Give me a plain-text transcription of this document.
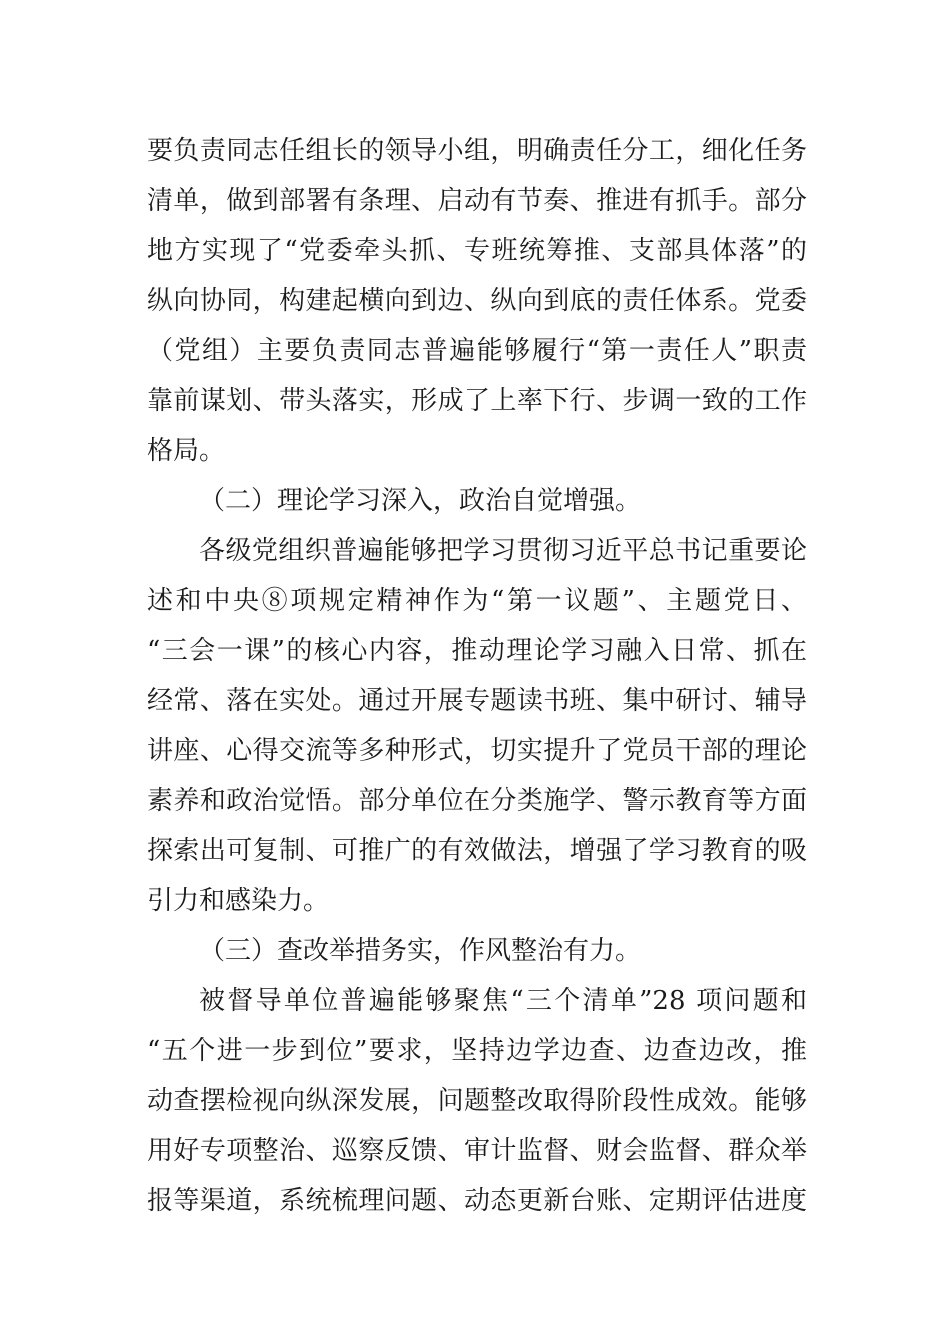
要负责同志任组长的领导小组，明确责任分工，细化任务
清单，做到部署有条理、启动有节奏、推进有抓手。部分
地方实现了“党委牵头抓、专班统筹推、支部具体落”的
纵向协同，构建起横向到边、纵向到底的责任体系。党委
（党组）主要负责同志普遍能够履行“第一责任人”职责
靠前谋划、带头落实，形成了上率下行、步调一致的工作
格局。
（二）理论学习深入，政治自觉增强。
各级党组织普遍能够把学习贯彻习近平总书记重要论
述和中央⑧项规定精神作为“第一议题”、主题党日、
“三会一课”的核心内容，推动理论学习融入日常、抓在
经常、落在实处。通过开展专题读书班、集中研讨、辅导
讲座、心得交流等多种形式，切实提升了党员干部的理论
素养和政治觉悟。部分单位在分类施学、警示教育等方面
探索出可复制、可推广的有效做法，增强了学习教育的吸
引力和感染力。
（三）查改举措务实，作风整治有力。
被督导单位普遍能够聚焦“三个清单”28 项问题和
“五个进一步到位”要求，坚持边学边查、边查边改，推
动查摆检视向纵深发展，问题整改取得阶段性成效。能够
用好专项整治、巡察反馈、审计监督、财会监督、群众举
报等渠道，系统梳理问题、动态更新台账、定期评估进度
